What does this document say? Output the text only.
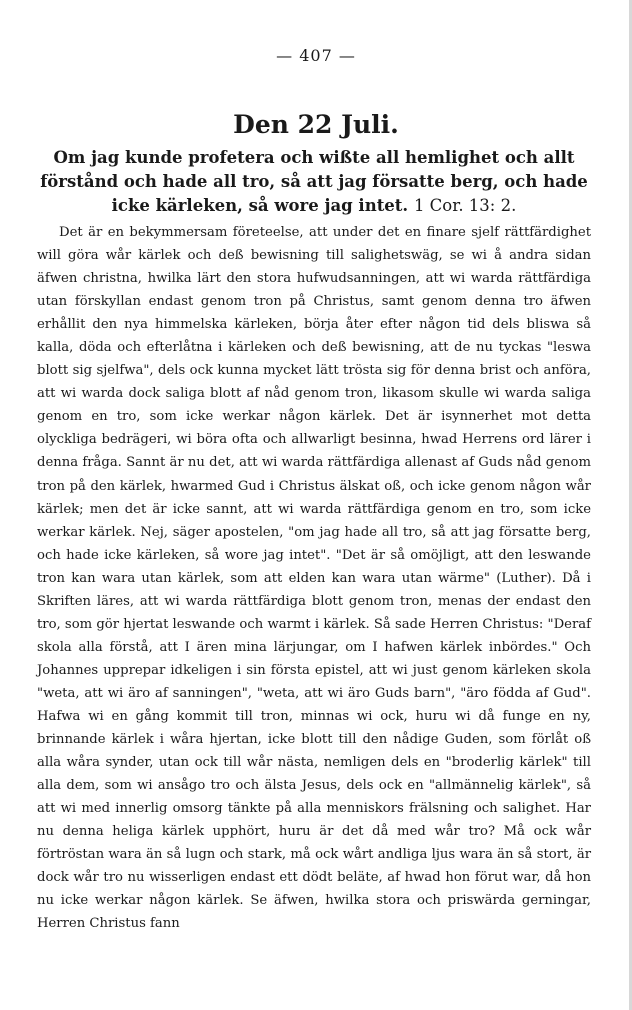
— 407 —
Den 22 Juli.
Om jag kunde profetera och wißte all hemlighet och allt förstånd och hade all tro, så att jag försatte berg, och hade icke kärleken, så wore jag intet. 1 Cor. 13: 2.

Det är en bekymmersam företeelse, att under det en finare sjelf rättfärdighet will göra wår kärlek och deß bewisning till salighetswäg, se wi å andra sidan äfwen christna, hwilka lärt den stora hufwudsanningen, att wi warda rättfärdiga utan förskyllan endast genom tron på Christus, samt genom denna tro äfwen erhållit den nya himmelska kärleken, börja åter efter någon tid dels bliswa så kalla, döda och efterlåtna i kärleken och deß bewisning, att de nu tyckas "leswa blott sig sjelfwa", dels ock kunna mycket lätt tröstа sig för denna brist och anföra, att wi warda dock saliga blott af nåd genom tron, likasom skulle wi warda saliga genom en tro, som icke werkar någon kärlek. Det är isynnerhet mot detta olyckliga bedrägeri, wi böra ofta och allwarligt besinna, hwad Herrens ord lärer i denna fråga. Sannt är nu det, att wi warda rättfärdiga allenast af Guds nåd genom tron på den kärlek, hwarmed Gud i Christus älskat oß, och icke genom någon wår kärlek; men det är icke sannt, att wi warda rättfärdiga genom en tro, som icke werkar kärlek. Nej, säger apostelen, "om jag hade all tro, så att jag försatte berg, och hade icke kärleken, så wore jag intet". "Det är så omöjligt, att den leswande tron kan wara utan kärlek, som att elden kan wara utan wärme" (Luther). Då i Skriften läres, att wi warda rättfärdiga blott genom tron, menas der endast den tro, som gör hjertat leswande och warmt i kärlek. Så sade Herren Christus: "Deraf skola alla förstå, att I ären mina lärjungar, om I hafwen kärlek inbördes." Och Johannes upprepar idkeligen i sin första epistel, att wi just genom kärleken skola "weta, att wi äro af sanningen", "weta, att wi äro Guds barn", "äro födda af Gud". Hafwa wi en gång kommit till tron, minnas wi ock, huru wi då funge en ny, brinnande kärlek i wåra hjertan, icke blott till den nådige Guden, som förlåt oß alla wåra synder, utan ock till wår nästa, nemligen dels en "broderlig kärlek" till alla dem, som wi ansågo tro och älsta Jesus, dels ock en "allmännelig kärlek", så att wi med innerlig omsorg tänkte på alla menniskors frälsning och salighet. Har nu denna heliga kärlek upphört, huru är det då med wår tro? Må ock wår förtröstan wara än så lugn och stark, må ock wårt andliga ljus wara än så stort, är dock wår tro nu wisserligen endast ett dödt beläte, af hwad hon förut war, då hon nu icke werkar någon kärlek. Se äfwen, hwilka stora och priswärda gerningar, Herren Christus fann
